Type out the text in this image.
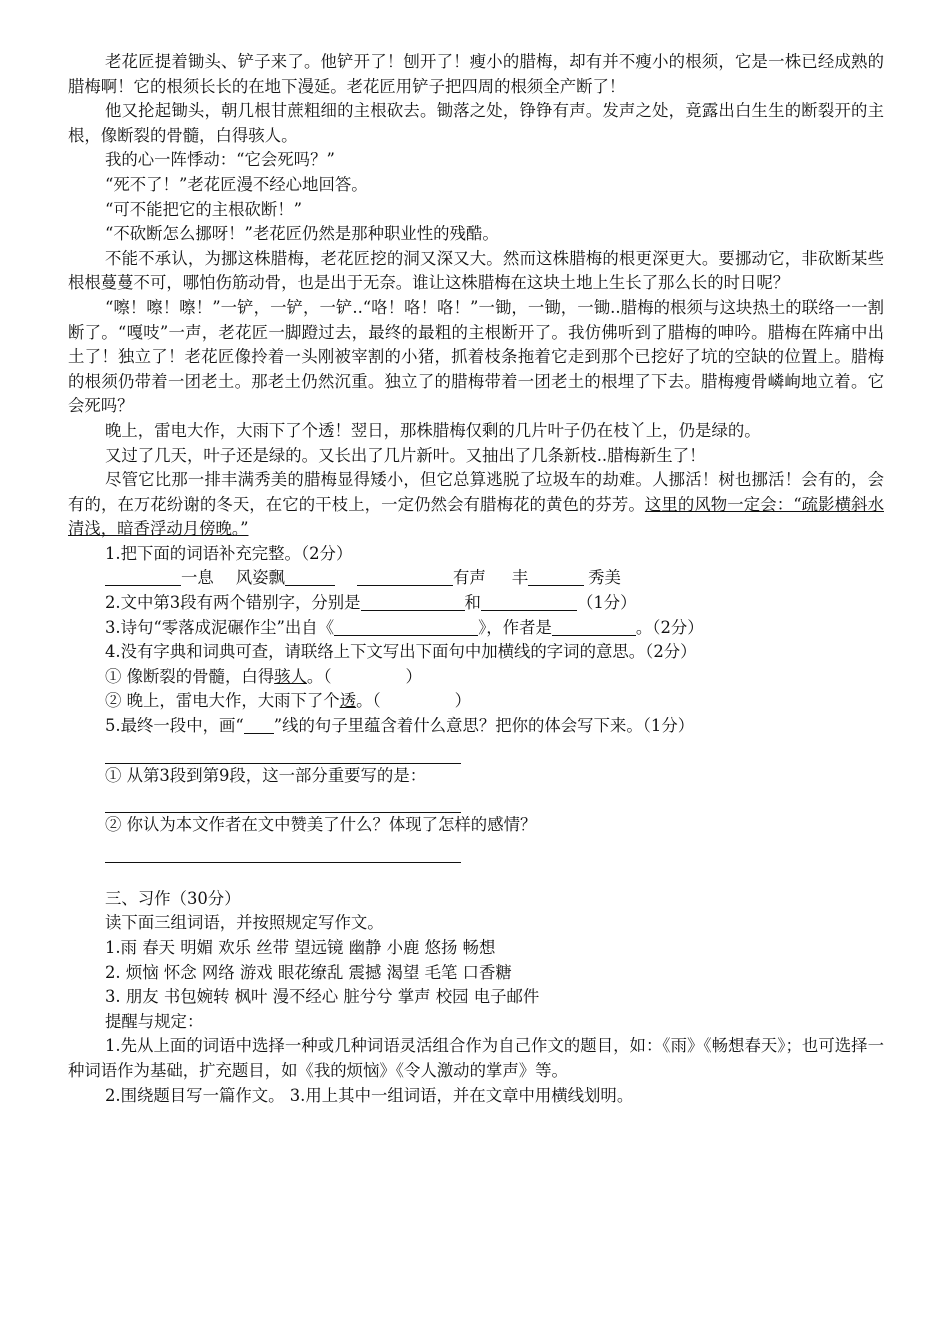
老花匠提着锄头、铲子来了。他铲开了！刨开了！瘦小的腊梅，却有并不瘦小的根须，它是一株已经成熟的腊梅啊！它的根须长长的在地下漫延。老花匠用铲子把四周的根须全产断了！

他又抡起锄头，朝几根甘蔗粗细的主根砍去。锄落之处，铮铮有声。发声之处，竟露出白生生的断裂开的主根，像断裂的骨髓，白得骇人。

我的心一阵悸动：“它会死吗？”

“死不了！”老花匠漫不经心地回答。

“可不能把它的主根砍断！”

“不砍断怎么挪呀！”老花匠仍然是那种职业性的残酷。

不能不承认，为挪这株腊梅，老花匠挖的洞又深又大。然而这株腊梅的根更深更大。要挪动它，非砍断某些根根蔓蔓不可，哪怕伤筋动骨，也是出于无奈。谁让这株腊梅在这块土地上生长了那么长的时日呢？

“嚓！嚓！嚓！”一铲，一铲，一铲..“咯！咯！咯！”一锄，一锄，一锄..腊梅的根须与这块热土的联络一一割断了。“嘎吱”一声，老花匠一脚蹬过去，最终的最粗的主根断开了。我仿佛听到了腊梅的呻吟。腊梅在阵痛中出土了！独立了！老花匠像拎着一头刚被宰割的小猪，抓着枝条拖着它走到那个已挖好了坑的空缺的位置上。腊梅的根须仍带着一团老土。那老土仍然沉重。独立了的腊梅带着一团老土的根埋了下去。腊梅瘦骨嶙峋地立着。它会死吗？

晚上，雷电大作，大雨下了个透！翌日，那株腊梅仅剩的几片叶子仍在枝丫上，仍是绿的。

又过了几天，叶子还是绿的。又长出了几片新叶。又抽出了几条新枝..腊梅新生了！

尽管它比那一排丰满秀美的腊梅显得矮小，但它总算逃脱了垃圾车的劫难。人挪活！树也挪活！会有的，会有的，在万花纷谢的冬天，在它的干枝上，一定仍然会有腊梅花的黄色的芬芳。这里的风物一定会：“疏影横斜水清浅，暗香浮动月傍晚。”

1.把下面的词语补充完整。（2分）

一息 风姿飘	有声 丰	秀美

2.文中第3段有两个错别字，分别是	和	（1分）

3.诗句“零落成泥碾作尘”出自《	》，作者是	。（2分）

4.没有字典和词典可查，请联络上下文写出下面句中加横线的字词的意思。（2分）

① 像断裂的骨髓，白得骇人。（	）

② 晚上，雷电大作，大雨下了个透。（	）

5.最终一段中，画“ ”线的句子里蕴含着什么意思？把你的体会写下来。（1分）

① 从第3段到第9段，这一部分重要写的是：

② 你认为本文作者在文中赞美了什么？体现了怎样的感情？

三、习作（30分）

读下面三组词语，并按照规定写作文。

1.雨 春天 明媚 欢乐 丝带 望远镜 幽静 小鹿 悠扬 畅想

2. 烦恼 怀念 网络 游戏 眼花缭乱 震撼 渴望 毛笔 口香糖

3. 朋友 书包婉转 枫叶 漫不经心 脏兮兮 掌声 校园 电子邮件

提醒与规定：

1.先从上面的词语中选择一种或几种词语灵活组合作为自己作文的题目，如：《雨》《畅想春天》；也可选择一种词语作为基础，扩充题目，如《我的烦恼》《令人激动的掌声》等。

2.围绕题目写一篇作文。 3.用上其中一组词语，并在文章中用横线划明。
